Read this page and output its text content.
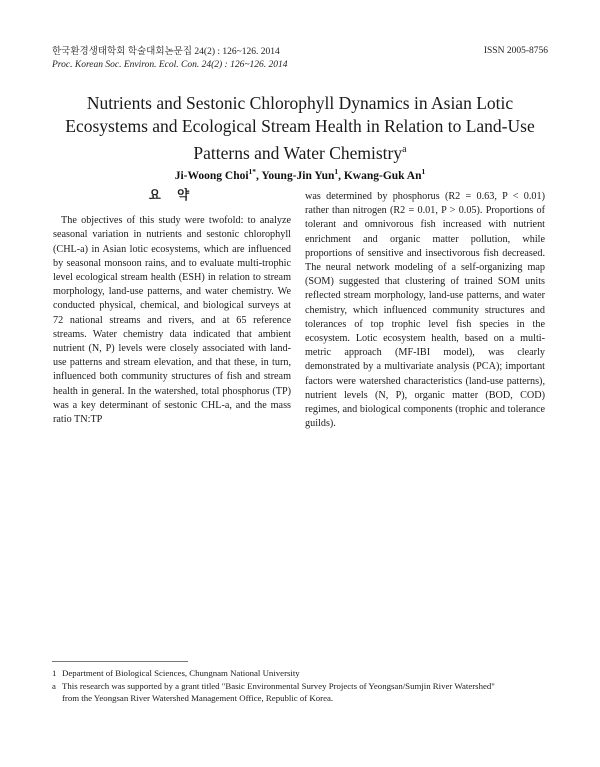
한국환경생태학회 학술대회논문집 24(2) : 126~126. 2014
Proc. Korean Soc. Environ. Ecol. Con. 24(2) : 126~126. 2014
ISSN 2005-8756
Nutrients and Sestonic Chlorophyll Dynamics in Asian Lotic Ecosystems and Ecological Stream Health in Relation to Land-Use Patterns and Water Chemistry$^a$
Ji-Woong Choi$^{1*}$, Young-Jin Yun$^1$, Kwang-Guk An$^1$
요 약

The objectives of this study were twofold: to analyze seasonal variation in nutrients and sestonic chlorophyll (CHL-a) in Asian lotic ecosystems, which are influenced by seasonal monsoon rains, and to evaluate multi-trophic level ecological stream health (ESH) in relation to stream morphology, land-use patterns, and water chemistry. We conducted physical, chemical, and biological surveys at 72 national streams and rivers, and at 65 reference streams. Water chemistry data indicated that ambient nutrient (N, P) levels were closely associated with land-use patterns and stream elevation, and that these, in turn, influenced both community structures of fish and stream health in general. In the watershed, total phosphorus (TP) was a key determinant of sestonic CHL-a, and the mass ratio TN:TP

was determined by phosphorus (R2 = 0.63, P < 0.01) rather than nitrogen (R2 = 0.01, P > 0.05). Proportions of tolerant and omnivorous fish increased with nutrient enrichment and organic matter pollution, while proportions of sensitive and insectivorous fish decreased. The neural network modeling of a self-organizing map (SOM) suggested that clustering of trained SOM units reflected stream morphology, land-use patterns, and water chemistry, which influenced community structures and tolerances of top trophic level fish species in the ecosystem. Lotic ecosystem health, based on a multi-metric approach (MF-IBI model), was clearly demonstrated by a multivariate analysis (PCA); important factors were watershed characteristics (land-use patterns), nutrient levels (N, P), organic matter (BOD, COD) regimes, and biological components (trophic and tolerance guilds).

1 Department of Biological Sciences, Chungnam National University

a This research was supported by a grant titled "Basic Environmental Survey Projects of Yeongsan/Sumjin River Watershed"

from the Yeongsan River Watershed Management Office, Republic of Korea.
